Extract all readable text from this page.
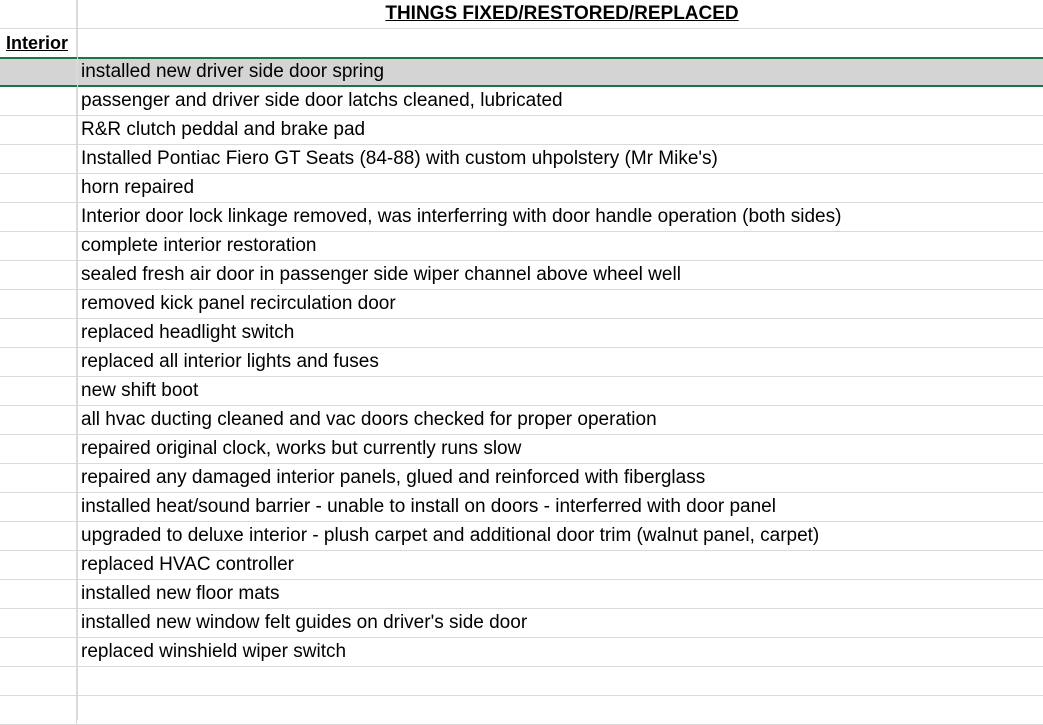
THINGS FIXED/RESTORED/REPLACED
Interior
installed new driver side door spring
passenger and driver side door latchs cleaned, lubricated
R&R clutch peddal and brake pad
Installed Pontiac Fiero GT Seats (84-88) with custom uhpolstery (Mr Mike's)
horn repaired
Interior door lock linkage removed, was interferring with door handle operation (both sides)
complete interior restoration
sealed fresh air door in passenger side wiper channel above wheel well
removed kick panel recirculation door
replaced headlight switch
replaced all interior lights and fuses
new shift boot
all hvac ducting cleaned and vac doors checked for proper operation
repaired original clock, works but currently runs slow
repaired any damaged interior panels, glued and reinforced with fiberglass
installed heat/sound barrier - unable to install on doors - interferred with door panel
upgraded to deluxe interior - plush carpet and additional door trim (walnut panel, carpet)
replaced HVAC controller
installed new floor mats
installed new window felt guides on driver's side door
replaced winshield wiper switch
